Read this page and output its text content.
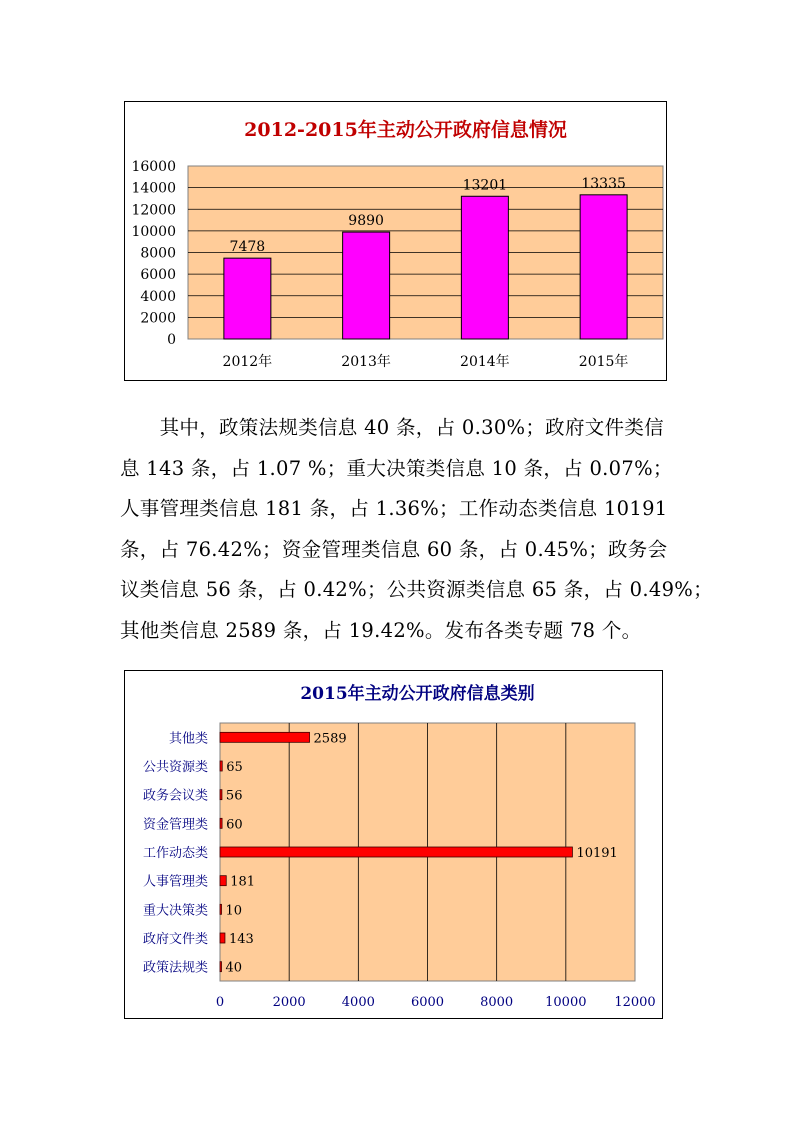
2012-2015年主动公开政府信息情况
0
2000
4000
6000
8000
10000
12000
14000
16000
7478
2012年
9890
2013年
13201
2014年
13335
2015年

　　其中，政策法规类信息 40 条，占 0.30%；政府文件类信
息 143 条，占 1.07 %；重大决策类信息 10 条，占 0.07%；
人事管理类信息 181 条，占 1.36%；工作动态类信息 10191
条，占 76.42%；资金管理类信息 60 条，占 0.45%；政务会
议类信息 56 条，占 0.42%；公共资源类信息 65 条，占 0.49%；
其他类信息 2589 条，占 19.42%。发布各类专题 78 个。

2015年主动公开政府信息类别
0	2000	4000	6000	8000 10000 12000
2589
其他类
65
公共资源类
56
政务会议类
60
资金管理类
10191
工作动态类
181
人事管理类
10
重大决策类
143
政府文件类
40
政策法规类
